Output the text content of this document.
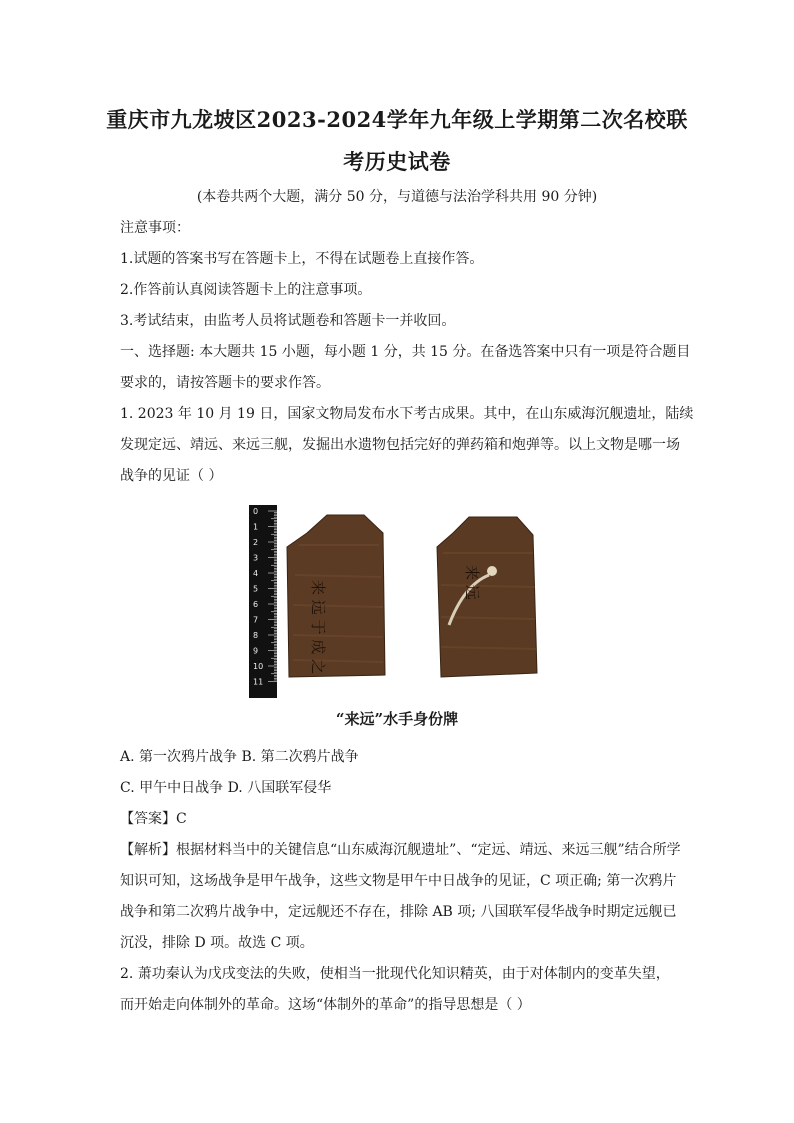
重庆市九龙坡区2023-2024学年九年级上学期第二次名校联
考历史试卷
(本卷共两个大题，满分 50 分，与道德与法治学科共用 90 分钟)
注意事项：
1.试题的答案书写在答题卡上，不得在试题卷上直接作答。
2.作答前认真阅读答题卡上的注意事项。
3.考试结束，由监考人员将试题卷和答题卡一并收回。
一、选择题: 本大题共 15 小题，每小题 1 分，共 15 分。在备选答案中只有一项是符合题目
要求的，请按答题卡的要求作答。
1. 2023 年 10 月 19 日，国家文物局发布水下考古成果。其中，在山东威海沉舰遗址，陆续
发现定远、靖远、来远三舰，发掘出水遗物包括完好的弹药箱和炮弹等。以上文物是哪一场
战争的见证（ ）
0
1
2
3
4
5
6
7
8
9
10
11
来 远 于 成 之	来 远
“来远”水手身份牌
A. 第一次鸦片战争 B. 第二次鸦片战争
C. 甲午中日战争 D. 八国联军侵华
【答案】C
【解析】根据材料当中的关键信息“山东威海沉舰遗址”、“定远、靖远、来远三舰”结合所学
知识可知，这场战争是甲午战争，这些文物是甲午中日战争的见证，C 项正确; 第一次鸦片
战争和第二次鸦片战争中，定远舰还不存在，排除 AB 项; 八国联军侵华战争时期定远舰已
沉没，排除 D 项。故选 C 项。
2. 萧功秦认为戊戌变法的失败，使相当一批现代化知识精英，由于对体制内的变革失望，
而开始走向体制外的革命。这场“体制外的革命”的指导思想是（ ）
